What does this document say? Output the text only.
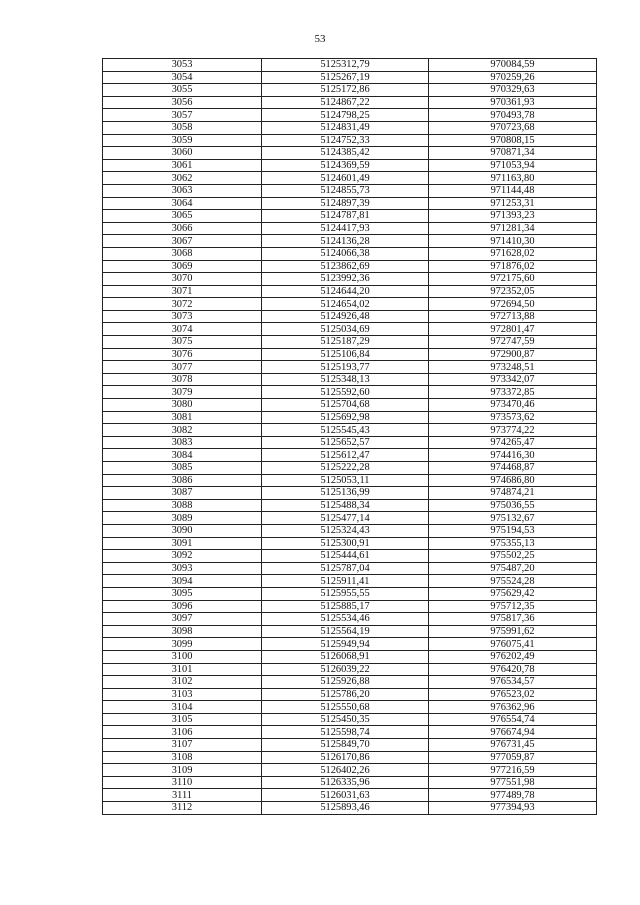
53
3053	5125312,79	970084,59
3054	5125267,19	970259,26
3055	5125172,86	970329,63
3056	5124867,22	970361,93
3057	5124798,25	970493,78
3058	5124831,49	970723,68
3059	5124752,33	970808,15
3060	5124385,42	970871,34
3061	5124369,59	971053,94
3062	5124601,49	971163,80
3063	5124855,73	971144,48
3064	5124897,39	971253,31
3065	5124787,81	971393,23
3066	5124417,93	971281,34
3067	5124136,28	971410,30
3068	5124066,38	971628,02
3069	5123862,69	971876,02
3070	5123992,36	972175,60
3071	5124644,20	972352,05
3072	5124654,02	972694,50
3073	5124926,48	972713,88
3074	5125034,69	972801,47
3075	5125187,29	972747,59
3076	5125106,84	972900,87
3077	5125193,77	973248,51
3078	5125348,13	973342,07
3079	5125592,60	973372,85
3080	5125704,68	973470,46
3081	5125692,98	973573,62
3082	5125545,43	973774,22
3083	5125652,57	974265,47
3084	5125612,47	974416,30
3085	5125222,28	974468,87
3086	5125053,11	974686,80
3087	5125136,99	974874,21
3088	5125488,34	975036,55
3089	5125477,14	975132,67
3090	5125324,43	975194,53
3091	5125300,91	975355,13
3092	5125444,61	975502,25
3093	5125787,04	975487,20
3094	5125911,41	975524,28
3095	5125955,55	975629,42
3096	5125885,17	975712,35
3097	5125534,46	975817,36
3098	5125564,19	975991,62
3099	5125949,94	976075,41
3100	5126068,91	976202,49
3101	5126039,22	976420,78
3102	5125926,88	976534,57
3103	5125786,20	976523,02
3104	5125550,68	976362,96
3105	5125450,35	976554,74
3106	5125598,74	976674,94
3107	5125849,70	976731,45
3108	5126170,86	977059,87
3109	5126402,26	977216,59
3110	5126335,96	977551,98
3111	5126031,63	977489,78
3112	5125893,46	977394,93
